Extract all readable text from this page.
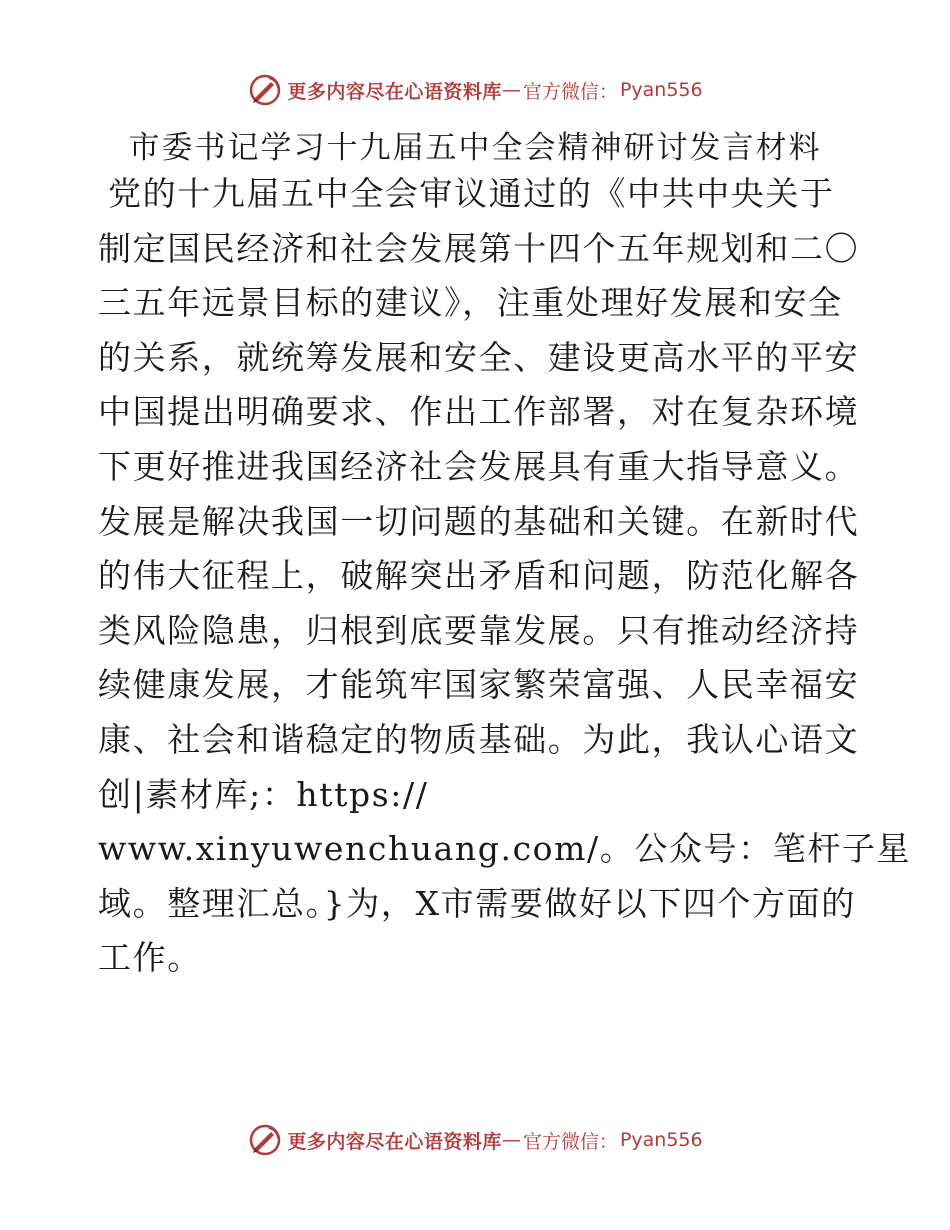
更多内容尽在心语资料库 — 官方微信： Pyan556
市委书记学习十九届五中全会精神研讨发言材料
党的十九届五中全会审议通过的《中共中央关于
制定国民经济和社会发展第十四个五年规划和二〇
三五年远景目标的建议》，注重处理好发展和安全
的关系，就统筹发展和安全、建设更高水平的平安
中国提出明确要求、作出工作部署，对在复杂环境
下更好推进我国经济社会发展具有重大指导意义。
发展是解决我国一切问题的基础和关键。在新时代
的伟大征程上，破解突出矛盾和问题，防范化解各
类风险隐患，归根到底要靠发展。只有推动经济持
续健康发展，才能筑牢国家繁荣富强、人民幸福安
康、社会和谐稳定的物质基础。为此，我认心语文
创|素材库;：https://
www.xinyuwenchuang.com/。公众号：笔杆子星
域。整理汇总。}为，X市需要做好以下四个方面的
工作。
更多内容尽在心语资料库 — 官方微信： Pyan556
